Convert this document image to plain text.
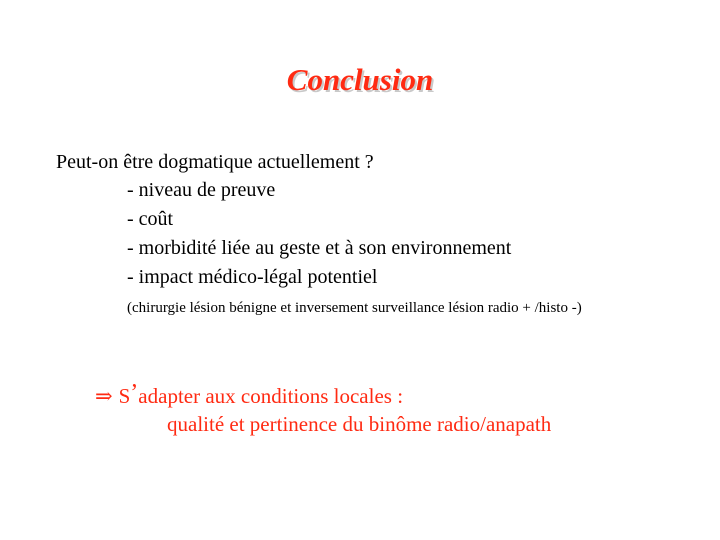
Conclusion
Peut-on être dogmatique actuellement ?
- niveau de preuve
- coût
- morbidité liée au geste et à son environnement
- impact médico-légal potentiel
(chirurgie lésion bénigne et inversement surveillance lésion radio + /histo -)
⇒ S’adapter aux conditions locales :
qualité et pertinence du binôme radio/anapath
